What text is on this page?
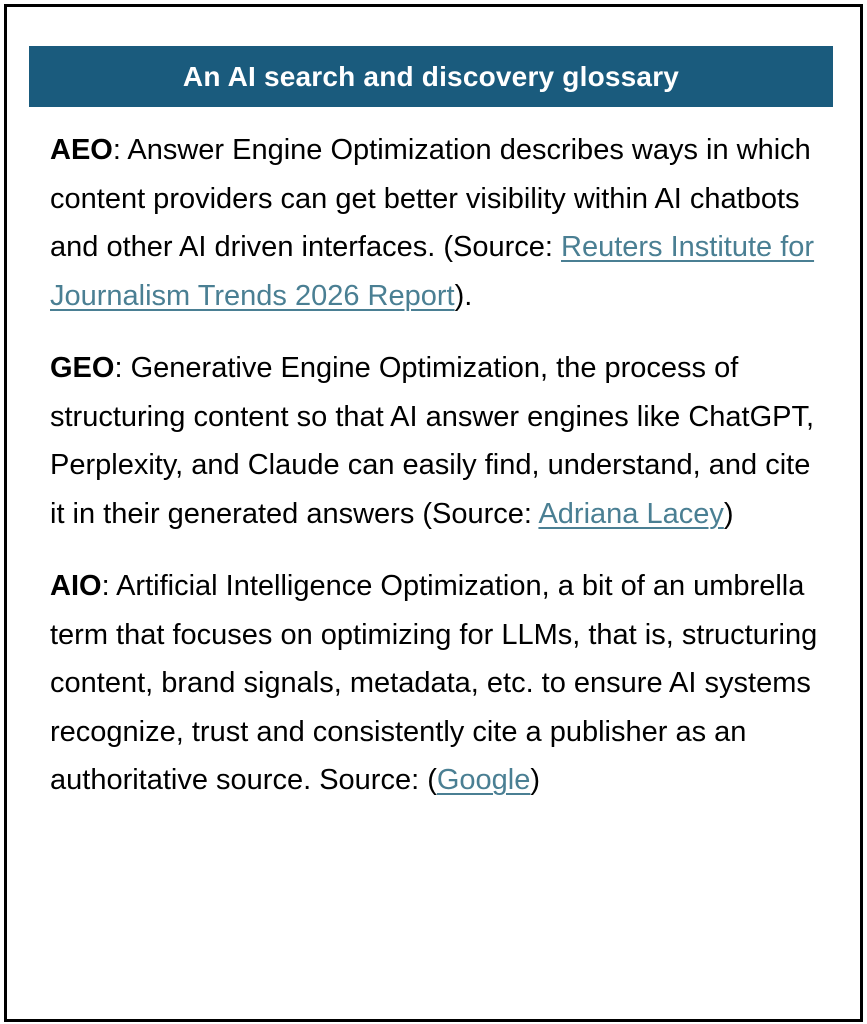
An AI search and discovery glossary

AEO: Answer Engine Optimization describes ways in which content providers can get better visibility within AI chatbots and other AI driven interfaces. (Source: Reuters Institute for Journalism Trends 2026 Report).

GEO: Generative Engine Optimization, the process of structuring content so that AI answer engines like ChatGPT, Perplexity, and Claude can easily find, understand, and cite it in their generated answers (Source: Adriana Lacey)

AIO: Artificial Intelligence Optimization, a bit of an umbrella term that focuses on optimizing for LLMs, that is, structuring content, brand signals, metadata, etc. to ensure AI systems recognize, trust and consistently cite a publisher as an authoritative source. Source: (Google)
